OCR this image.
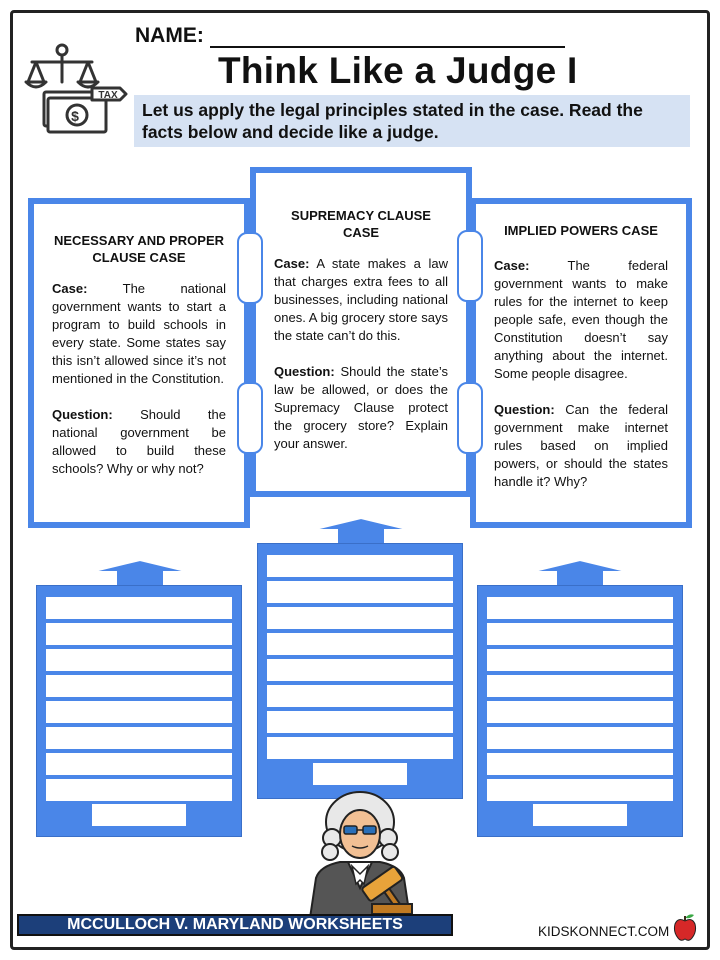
$
TAX
NAME:
Think Like a Judge I
Let us apply the legal principles stated in the case. Read the facts below and decide like a judge.
NECESSARY AND PROPER CLAUSE CASE
Case:	The national government wants to start a program to build schools in every state. Some states say this isn’t allowed since it’s not mentioned in the Constitution.
Question: Should the national government be allowed to build these schools? Why or why not?
SUPREMACY CLAUSE CASE
Case: A state makes a law that charges extra fees to all businesses, including national ones. A big grocery store says the state can’t do this.
Question: Should the state’s law be allowed, or does the Supremacy Clause protect the grocery store? Explain your answer.
IMPLIED POWERS CASE
Case:	The federal government wants to make rules for the internet to keep people safe, even though the Constitution doesn’t say anything about the internet. Some people disagree.
Question: Can the federal government make internet rules based on implied powers, or should the states handle it? Why?
MCCULLOCH V. MARYLAND WORKSHEETS	KIDSKONNECT.COM
